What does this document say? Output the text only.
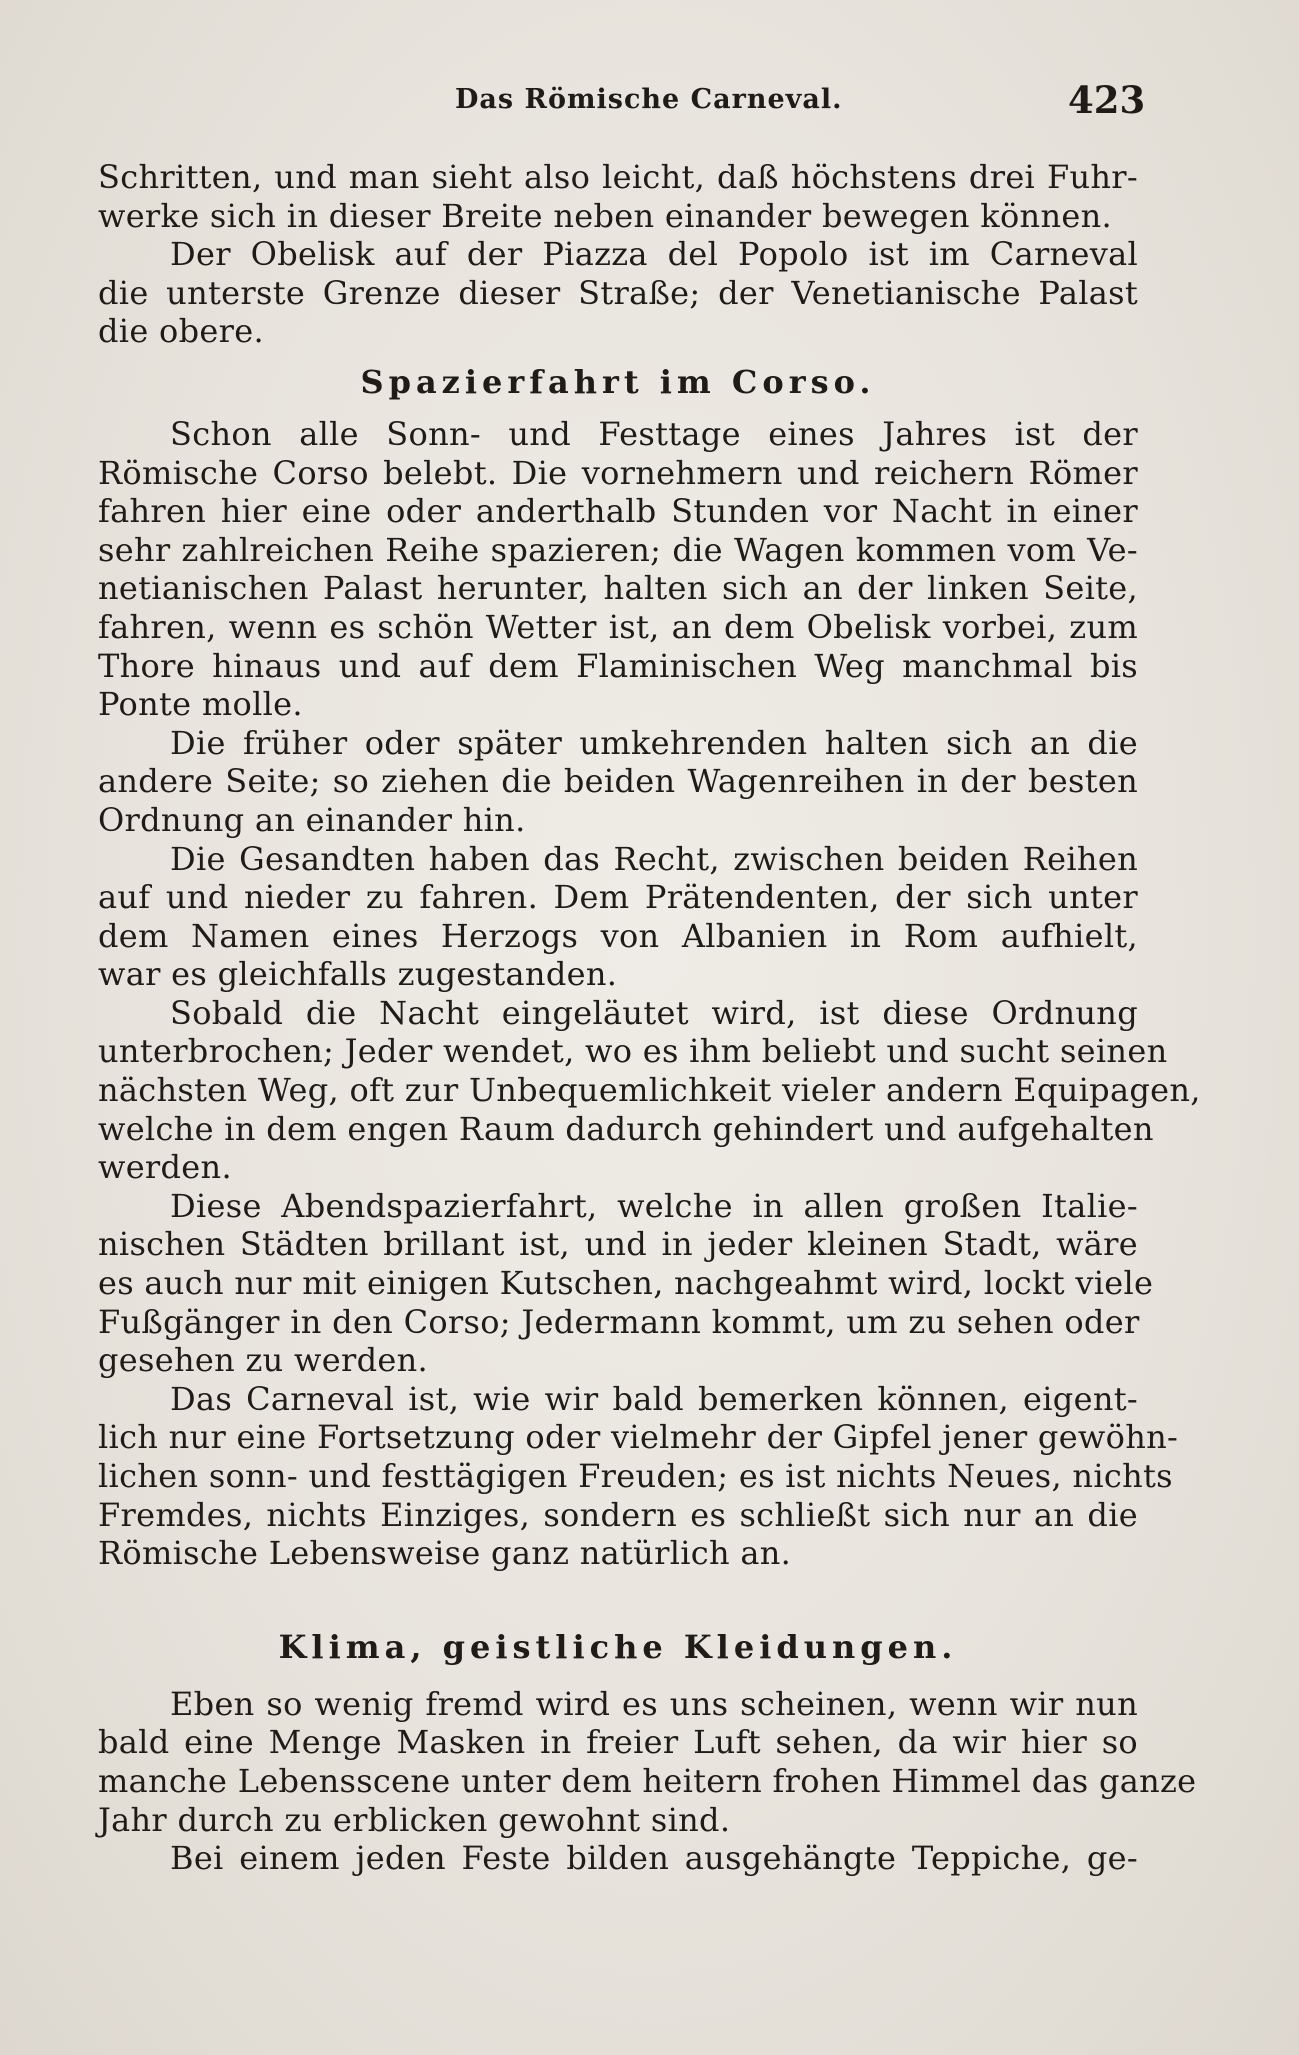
Das Römische Carneval.	423
Schritten, und man sieht also leicht, daß höchstens drei Fuhr-
werke sich in dieser Breite neben einander bewegen können.
Der Obelisk auf der Piazza del Popolo ist im Carneval
die unterste Grenze dieser Straße; der Venetianische Palast
die obere.
Spazierfahrt im Corso.
Schon alle Sonn- und Festtage eines Jahres ist der
Römische Corso belebt. Die vornehmern und reichern Römer
fahren hier eine oder anderthalb Stunden vor Nacht in einer
sehr zahlreichen Reihe spazieren; die Wagen kommen vom Ve-
netianischen Palast herunter, halten sich an der linken Seite,
fahren, wenn es schön Wetter ist, an dem Obelisk vorbei, zum
Thore hinaus und auf dem Flaminischen Weg manchmal bis
Ponte molle.
Die früher oder später umkehrenden halten sich an die
andere Seite; so ziehen die beiden Wagenreihen in der besten
Ordnung an einander hin.
Die Gesandten haben das Recht, zwischen beiden Reihen
auf und nieder zu fahren. Dem Prätendenten, der sich unter
dem Namen eines Herzogs von Albanien in Rom aufhielt,
war es gleichfalls zugestanden.
Sobald die Nacht eingeläutet wird, ist diese Ordnung
unterbrochen; Jeder wendet, wo es ihm beliebt und sucht seinen
nächsten Weg, oft zur Unbequemlichkeit vieler andern Equipagen,
welche in dem engen Raum dadurch gehindert und aufgehalten
werden.
Diese Abendspazierfahrt, welche in allen großen Italie-
nischen Städten brillant ist, und in jeder kleinen Stadt, wäre
es auch nur mit einigen Kutschen, nachgeahmt wird, lockt viele
Fußgänger in den Corso; Jedermann kommt, um zu sehen oder
gesehen zu werden.
Das Carneval ist, wie wir bald bemerken können, eigent-
lich nur eine Fortsetzung oder vielmehr der Gipfel jener gewöhn-
lichen sonn- und festtägigen Freuden; es ist nichts Neues, nichts
Fremdes, nichts Einziges, sondern es schließt sich nur an die
Römische Lebensweise ganz natürlich an.
Klima, geistliche Kleidungen.
Eben so wenig fremd wird es uns scheinen, wenn wir nun
bald eine Menge Masken in freier Luft sehen, da wir hier so
manche Lebensscene unter dem heitern frohen Himmel das ganze
Jahr durch zu erblicken gewohnt sind.
Bei einem jeden Feste bilden ausgehängte Teppiche, ge-
